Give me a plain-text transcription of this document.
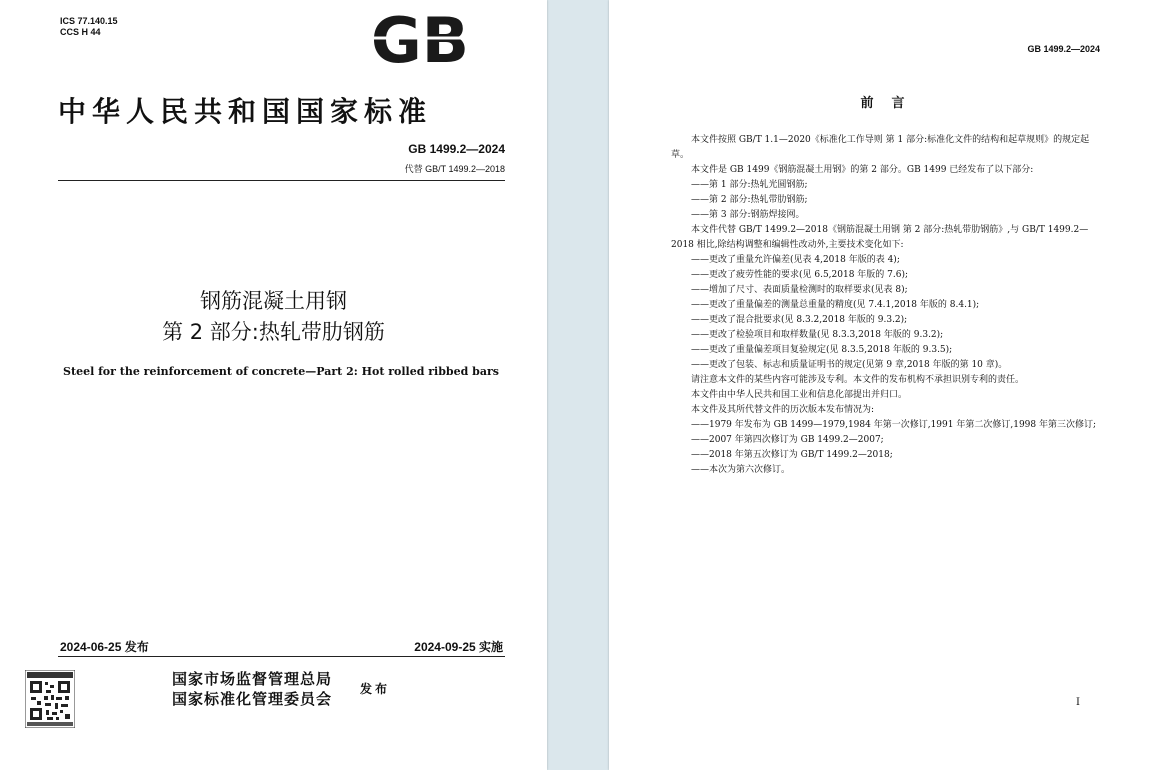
ICS 77.140.15
CCS H 44	GB
中华人民共和国国家标准
GB 1499.2—2024
代替 GB/T 1499.2—2018
钢筋混凝土用钢
第 2 部分:热轧带肋钢筋
Steel for the reinforcement of concrete—Part 2: Hot rolled ribbed bars
2024-06-25 发布	2024-09-25 实施
国家市场监督管理总局
国家标准化管理委员会
发布
GB 1499.2—2024
前言

本文件按照 GB/T 1.1—2020《标准化工作导则 第 1 部分:标准化文件的结构和起草规则》的规定起草。

本文件是 GB 1499《钢筋混凝土用钢》的第 2 部分。GB 1499 已经发布了以下部分:

——第 1 部分:热轧光圆钢筋;

——第 2 部分:热轧带肋钢筋;

——第 3 部分:钢筋焊接网。

本文件代替 GB/T 1499.2—2018《钢筋混凝土用钢 第 2 部分:热轧带肋钢筋》,与 GB/T 1499.2—2018 相比,除结构调整和编辑性改动外,主要技术变化如下:

——更改了重量允许偏差(见表 4,2018 年版的表 4);

——更改了疲劳性能的要求(见 6.5,2018 年版的 7.6);

——增加了尺寸、表面质量检测时的取样要求(见表 8);

——更改了重量偏差的测量总重量的精度(见 7.4.1,2018 年版的 8.4.1);

——更改了混合批要求(见 8.3.2,2018 年版的 9.3.2);

——更改了检验项目和取样数量(见 8.3.3,2018 年版的 9.3.2);

——更改了重量偏差项目复验规定(见 8.3.5,2018 年版的 9.3.5);

——更改了包装、标志和质量证明书的规定(见第 9 章,2018 年版的第 10 章)。

请注意本文件的某些内容可能涉及专利。本文件的发布机构不承担识别专利的责任。

本文件由中华人民共和国工业和信息化部提出并归口。

本文件及其所代替文件的历次版本发布情况为:

——1979 年发布为 GB 1499—1979,1984 年第一次修订,1991 年第二次修订,1998 年第三次修订;

——2007 年第四次修订为 GB 1499.2—2007;

——2018 年第五次修订为 GB/T 1499.2—2018;

——本次为第六次修订。

I
